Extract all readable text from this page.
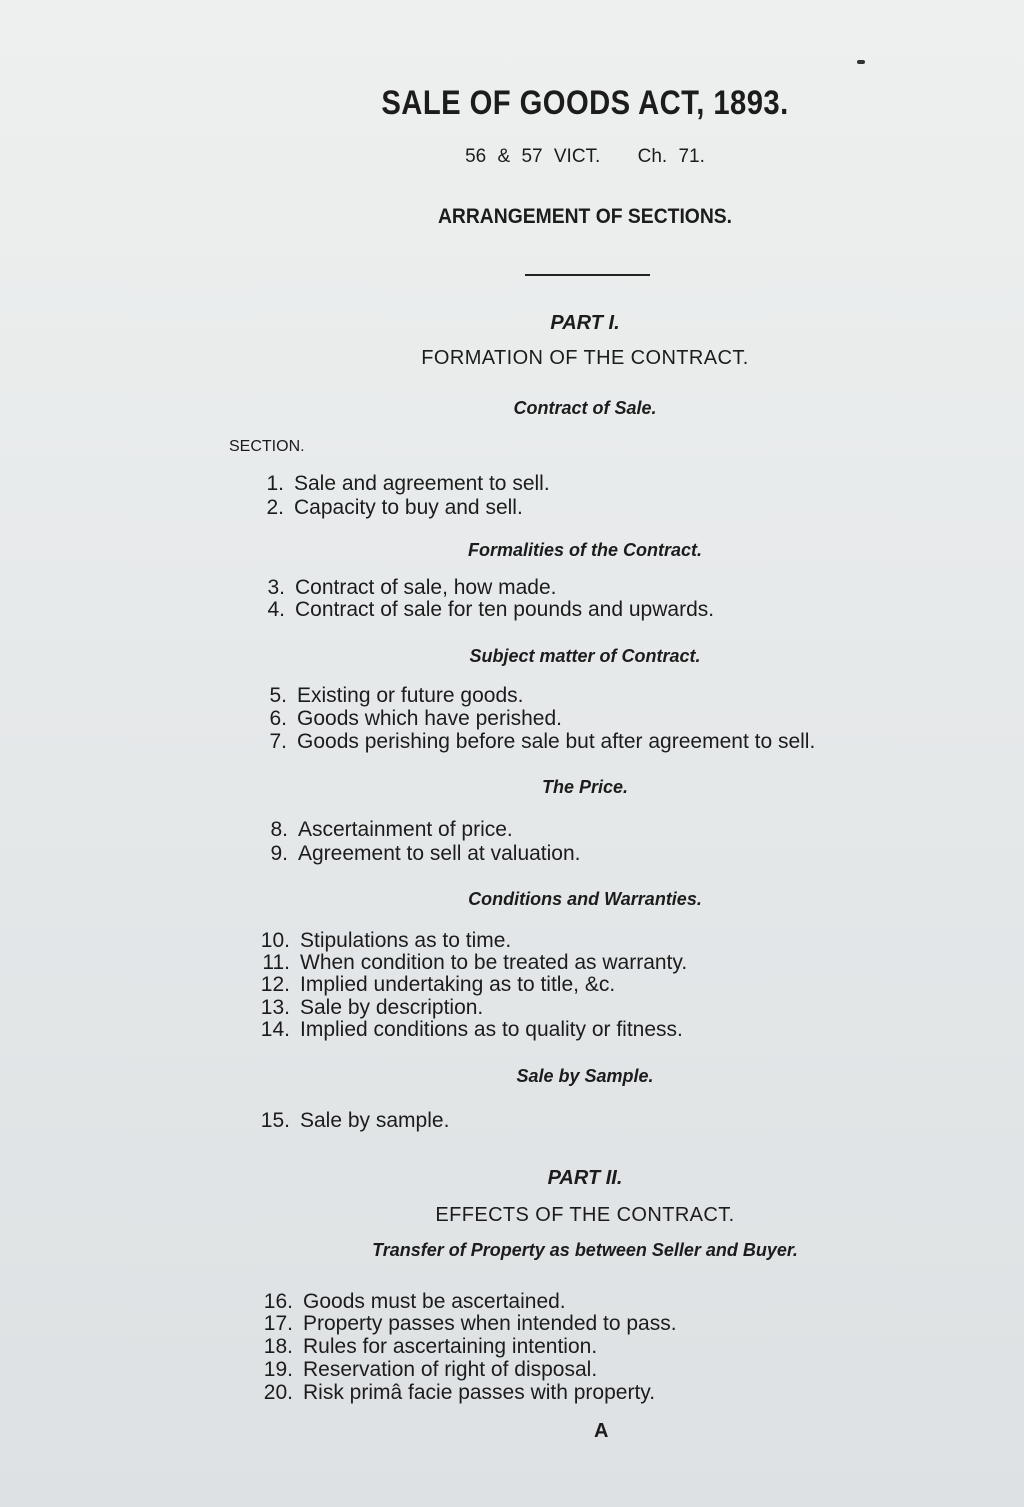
SALE OF GOODS ACT, 1893.
56 & 57 VICT. Ch. 71.
ARRANGEMENT OF SECTIONS.
PART I.
FORMATION OF THE CONTRACT.
Contract of Sale.
SECTION.
1. Sale and agreement to sell.
2. Capacity to buy and sell.
Formalities of the Contract.
3. Contract of sale, how made.
4. Contract of sale for ten pounds and upwards.
Subject matter of Contract.
5. Existing or future goods.
6. Goods which have perished.
7. Goods perishing before sale but after agreement to sell.
The Price.
8. Ascertainment of price.
9. Agreement to sell at valuation.
Conditions and Warranties.
10. Stipulations as to time.
11. When condition to be treated as warranty.
12. Implied undertaking as to title, &c.
13. Sale by description.
14. Implied conditions as to quality or fitness.
Sale by Sample.
15. Sale by sample.
PART II.
EFFECTS OF THE CONTRACT.
Transfer of Property as between Seller and Buyer.
16. Goods must be ascertained.
17. Property passes when intended to pass.
18. Rules for ascertaining intention.
19. Reservation of right of disposal.
20. Risk primâ facie passes with property.
A
